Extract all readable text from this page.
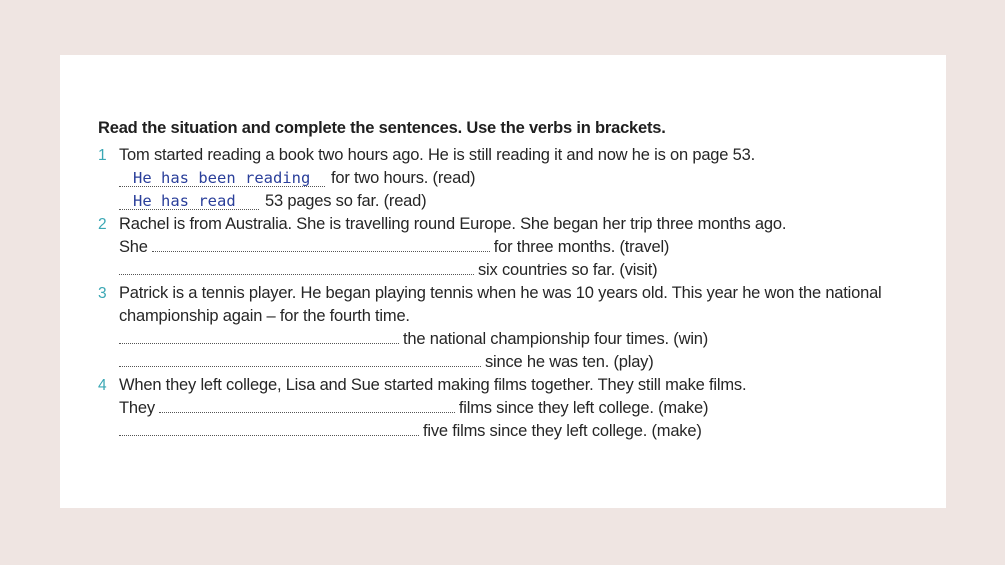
Read the situation and complete the sentences. Use the verbs in brackets.
1 Tom started reading a book two hours ago. He is still reading it and now he is on page 53.
He has been reading for two hours. (read)
He has read 53 pages so far. (read)
2 Rachel is from Australia. She is travelling round Europe. She began her trip three months ago.
She	for three months. (travel)
six countries so far. (visit)
3 Patrick is a tennis player. He began playing tennis when he was 10 years old. This year he won the national
championship again – for the fourth time.
the national championship four times. (win)
since he was ten. (play)
4 When they left college, Lisa and Sue started making films together. They still make films.
They	films since they left college. (make)
five films since they left college. (make)
